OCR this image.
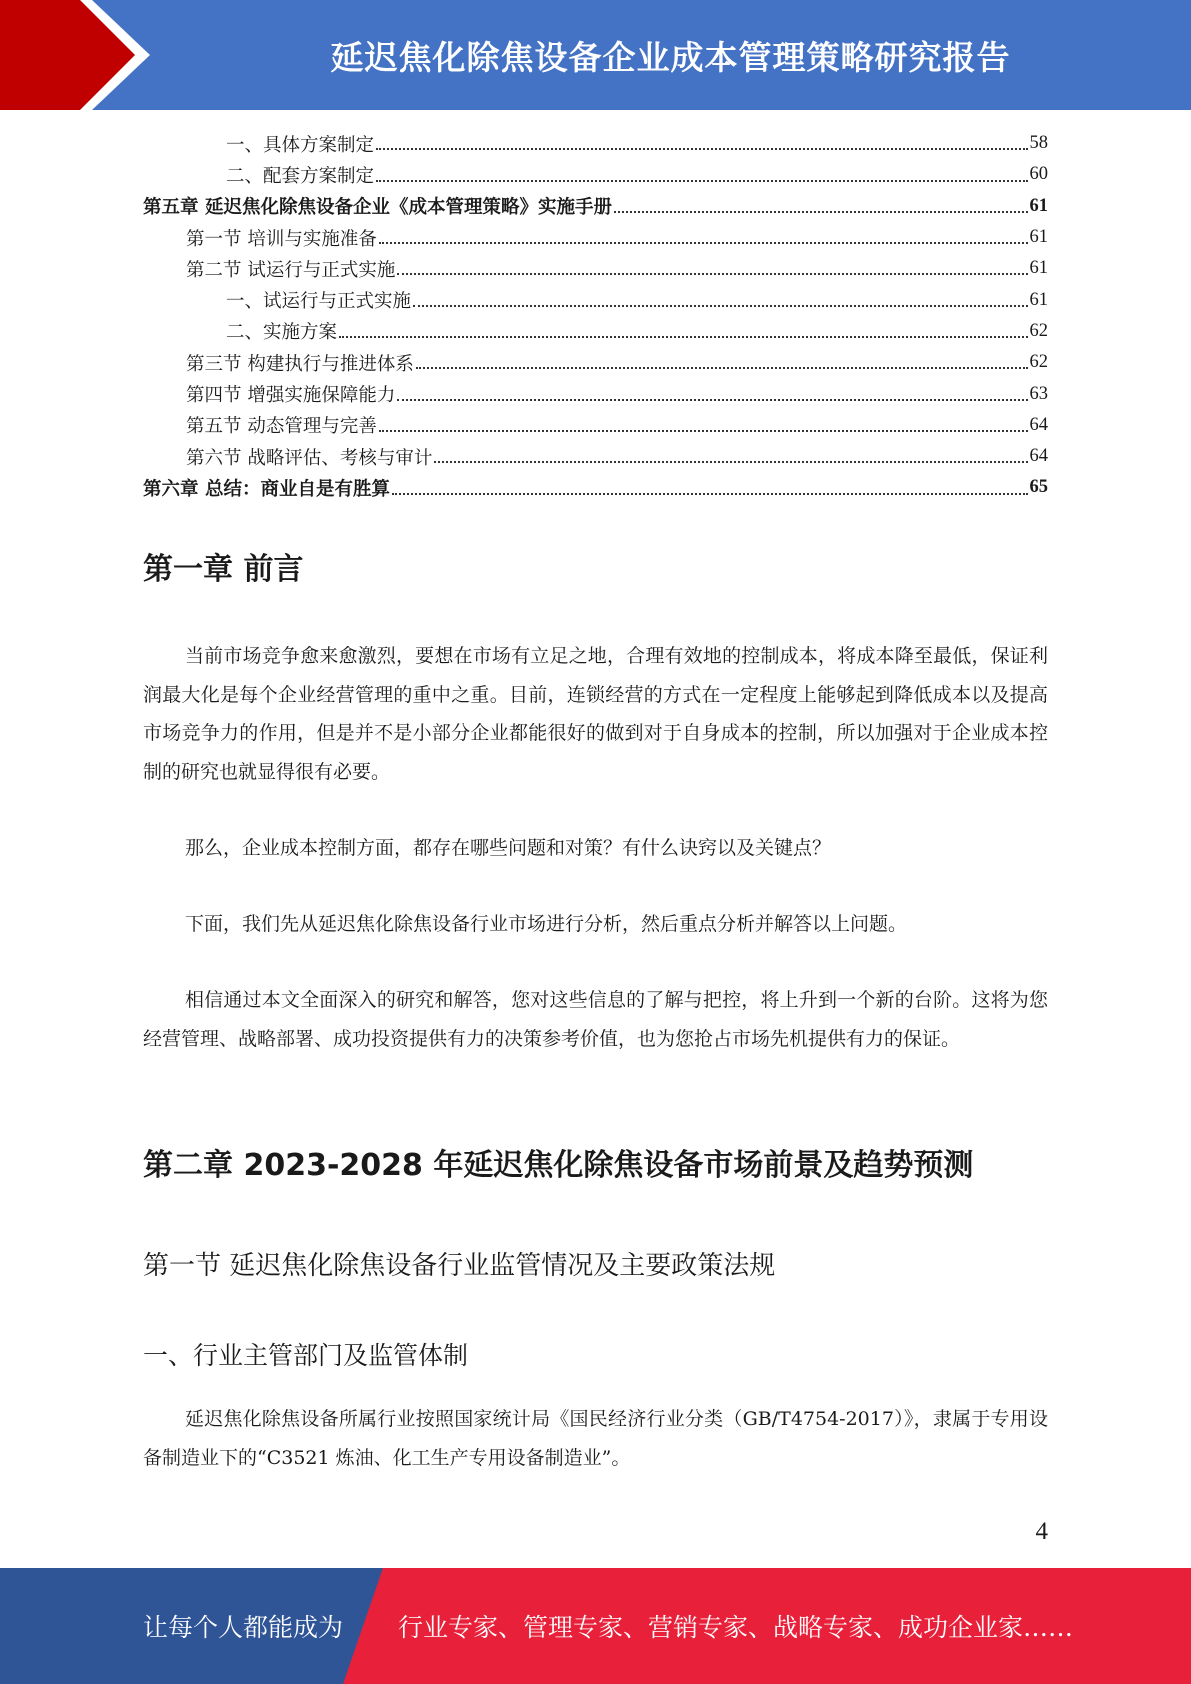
延迟焦化除焦设备企业成本管理策略研究报告
一、具体方案制定	58
二、配套方案制定	60
第五章 延迟焦化除焦设备企业《成本管理策略》实施手册	61
第一节 培训与实施准备	61
第二节 试运行与正式实施	61
一、试运行与正式实施	61
二、实施方案	62
第三节 构建执行与推进体系	62
第四节 增强实施保障能力	63
第五节 动态管理与完善	64
第六节 战略评估、考核与审计	64
第六章 总结：商业自是有胜算	65
第一章 前言

当前市场竞争愈来愈激烈，要想在市场有立足之地，合理有效地的控制成本，将成本降至最低，保证利润最大化是每个企业经营管理的重中之重。目前，连锁经营的方式在一定程度上能够起到降低成本以及提高市场竞争力的作用，但是并不是小部分企业都能很好的做到对于自身成本的控制，所以加强对于企业成本控制的研究也就显得很有必要。

那么，企业成本控制方面，都存在哪些问题和对策？有什么诀窍以及关键点？

下面，我们先从延迟焦化除焦设备行业市场进行分析，然后重点分析并解答以上问题。

相信通过本文全面深入的研究和解答，您对这些信息的了解与把控，将上升到一个新的台阶。这将为您经营管理、战略部署、成功投资提供有力的决策参考价值，也为您抢占市场先机提供有力的保证。

第二章 2023-2028 年延迟焦化除焦设备市场前景及趋势预测
第一节 延迟焦化除焦设备行业监管情况及主要政策法规
一、行业主管部门及监管体制

延迟焦化除焦设备所属行业按照国家统计局《国民经济行业分类（GB/T4754-2017）》，隶属于专用设备制造业下的“C3521 炼油、化工生产专用设备制造业”。

4
让每个人都能成为 行业专家、管理专家、营销专家、战略专家、成功企业家……
